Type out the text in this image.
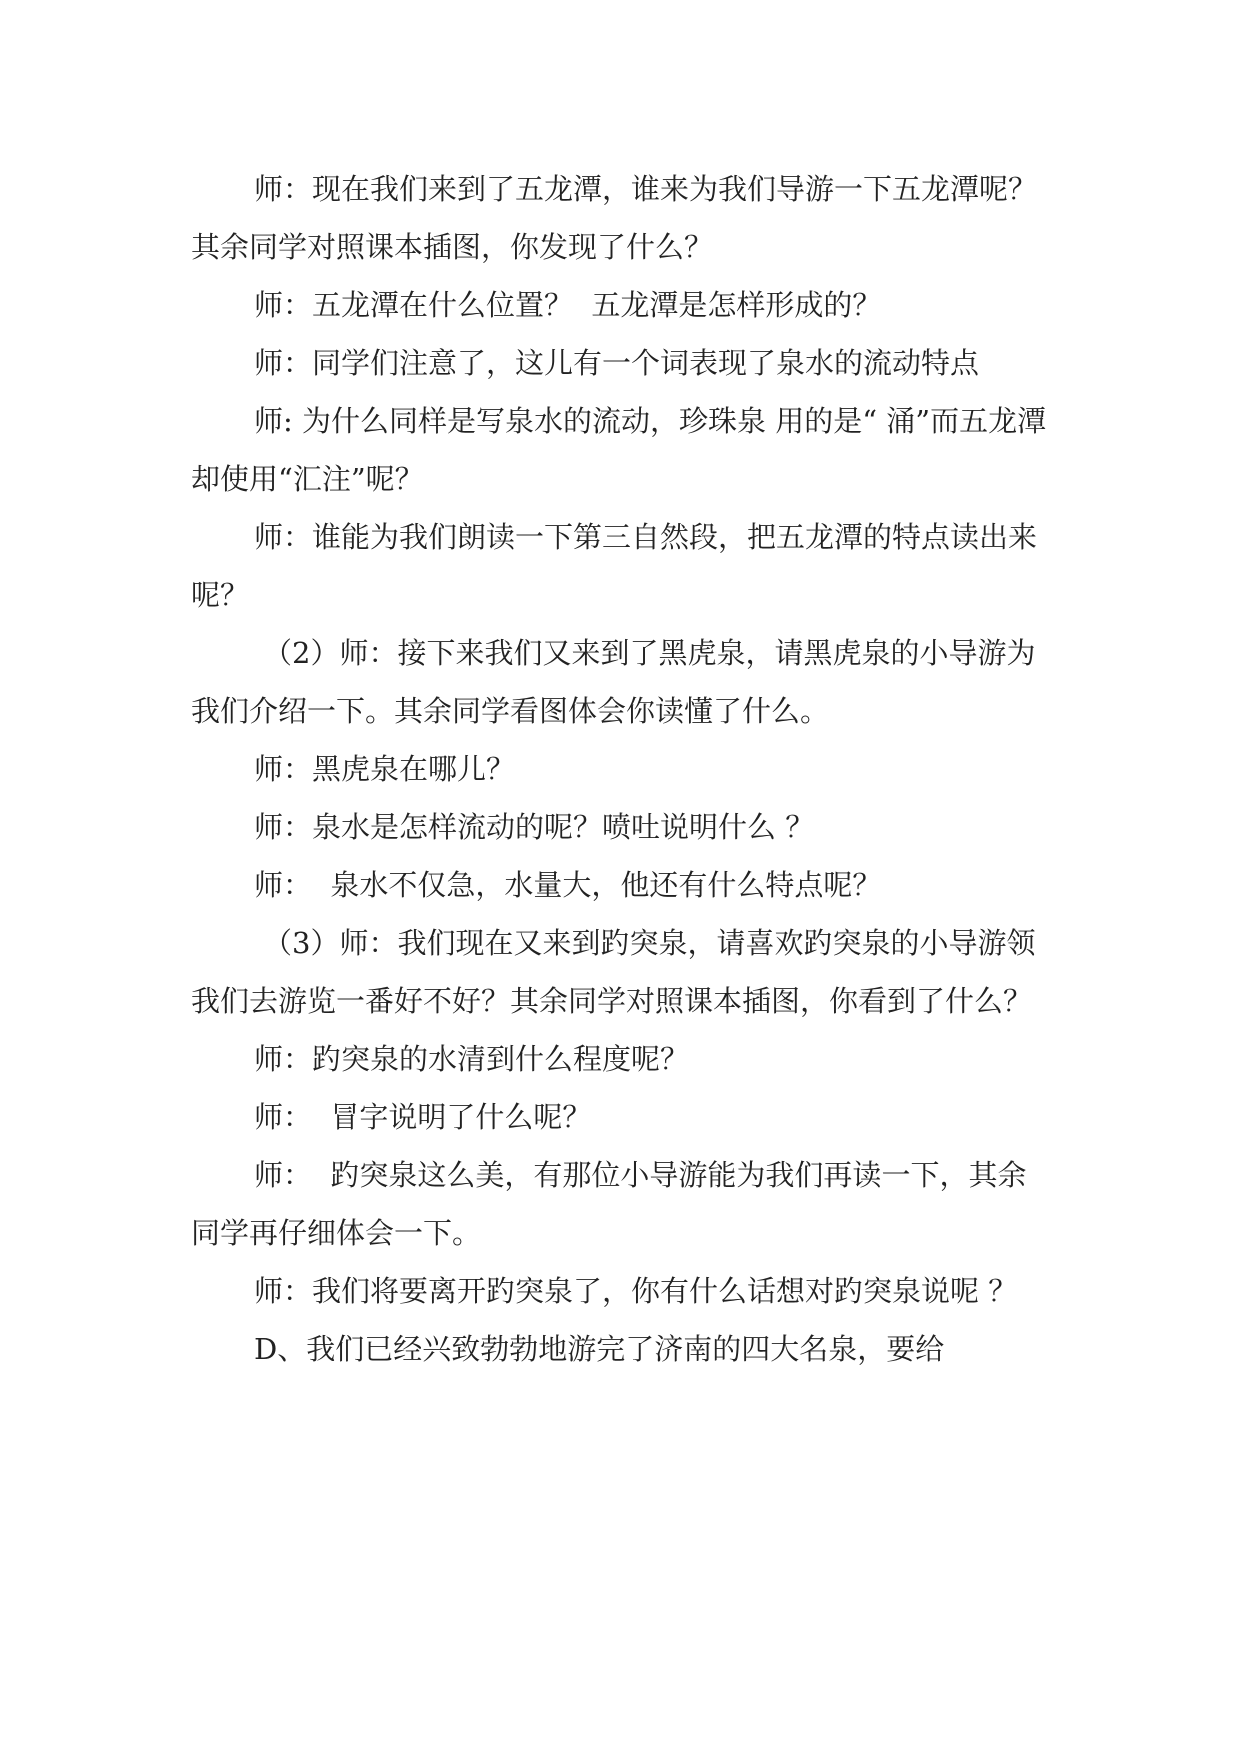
师：现在我们来到了五龙潭，谁来为我们导游一下五龙潭呢？其余同学对照课本插图，你发现了什么？

师：五龙潭在什么位置？  五龙潭是怎样形成的？

师：同学们注意了，这儿有一个词表现了泉水的流动特点

师: 为什么同样是写泉水的流动，珍珠泉 用的是“ 涌”而五龙潭却使用“汇注”呢？

师：谁能为我们朗读一下第三自然段，把五龙潭的特点读出来呢？

（2）师：接下来我们又来到了黑虎泉，请黑虎泉的小导游为我们介绍一下。其余同学看图体会你读懂了什么。

师：黑虎泉在哪儿？

师：泉水是怎样流动的呢？喷吐说明什么 ？

师：  泉水不仅急，水量大，他还有什么特点呢？

（3）师：我们现在又来到趵突泉，请喜欢趵突泉的小导游领我们去游览一番好不好？其余同学对照课本插图，你看到了什么？

师：趵突泉的水清到什么程度呢？

师：  冒字说明了什么呢？

师：  趵突泉这么美，有那位小导游能为我们再读一下，其余同学再仔细体会一下。

师：我们将要离开趵突泉了，你有什么话想对趵突泉说呢 ？

D、我们已经兴致勃勃地游完了济南的四大名泉，要给
